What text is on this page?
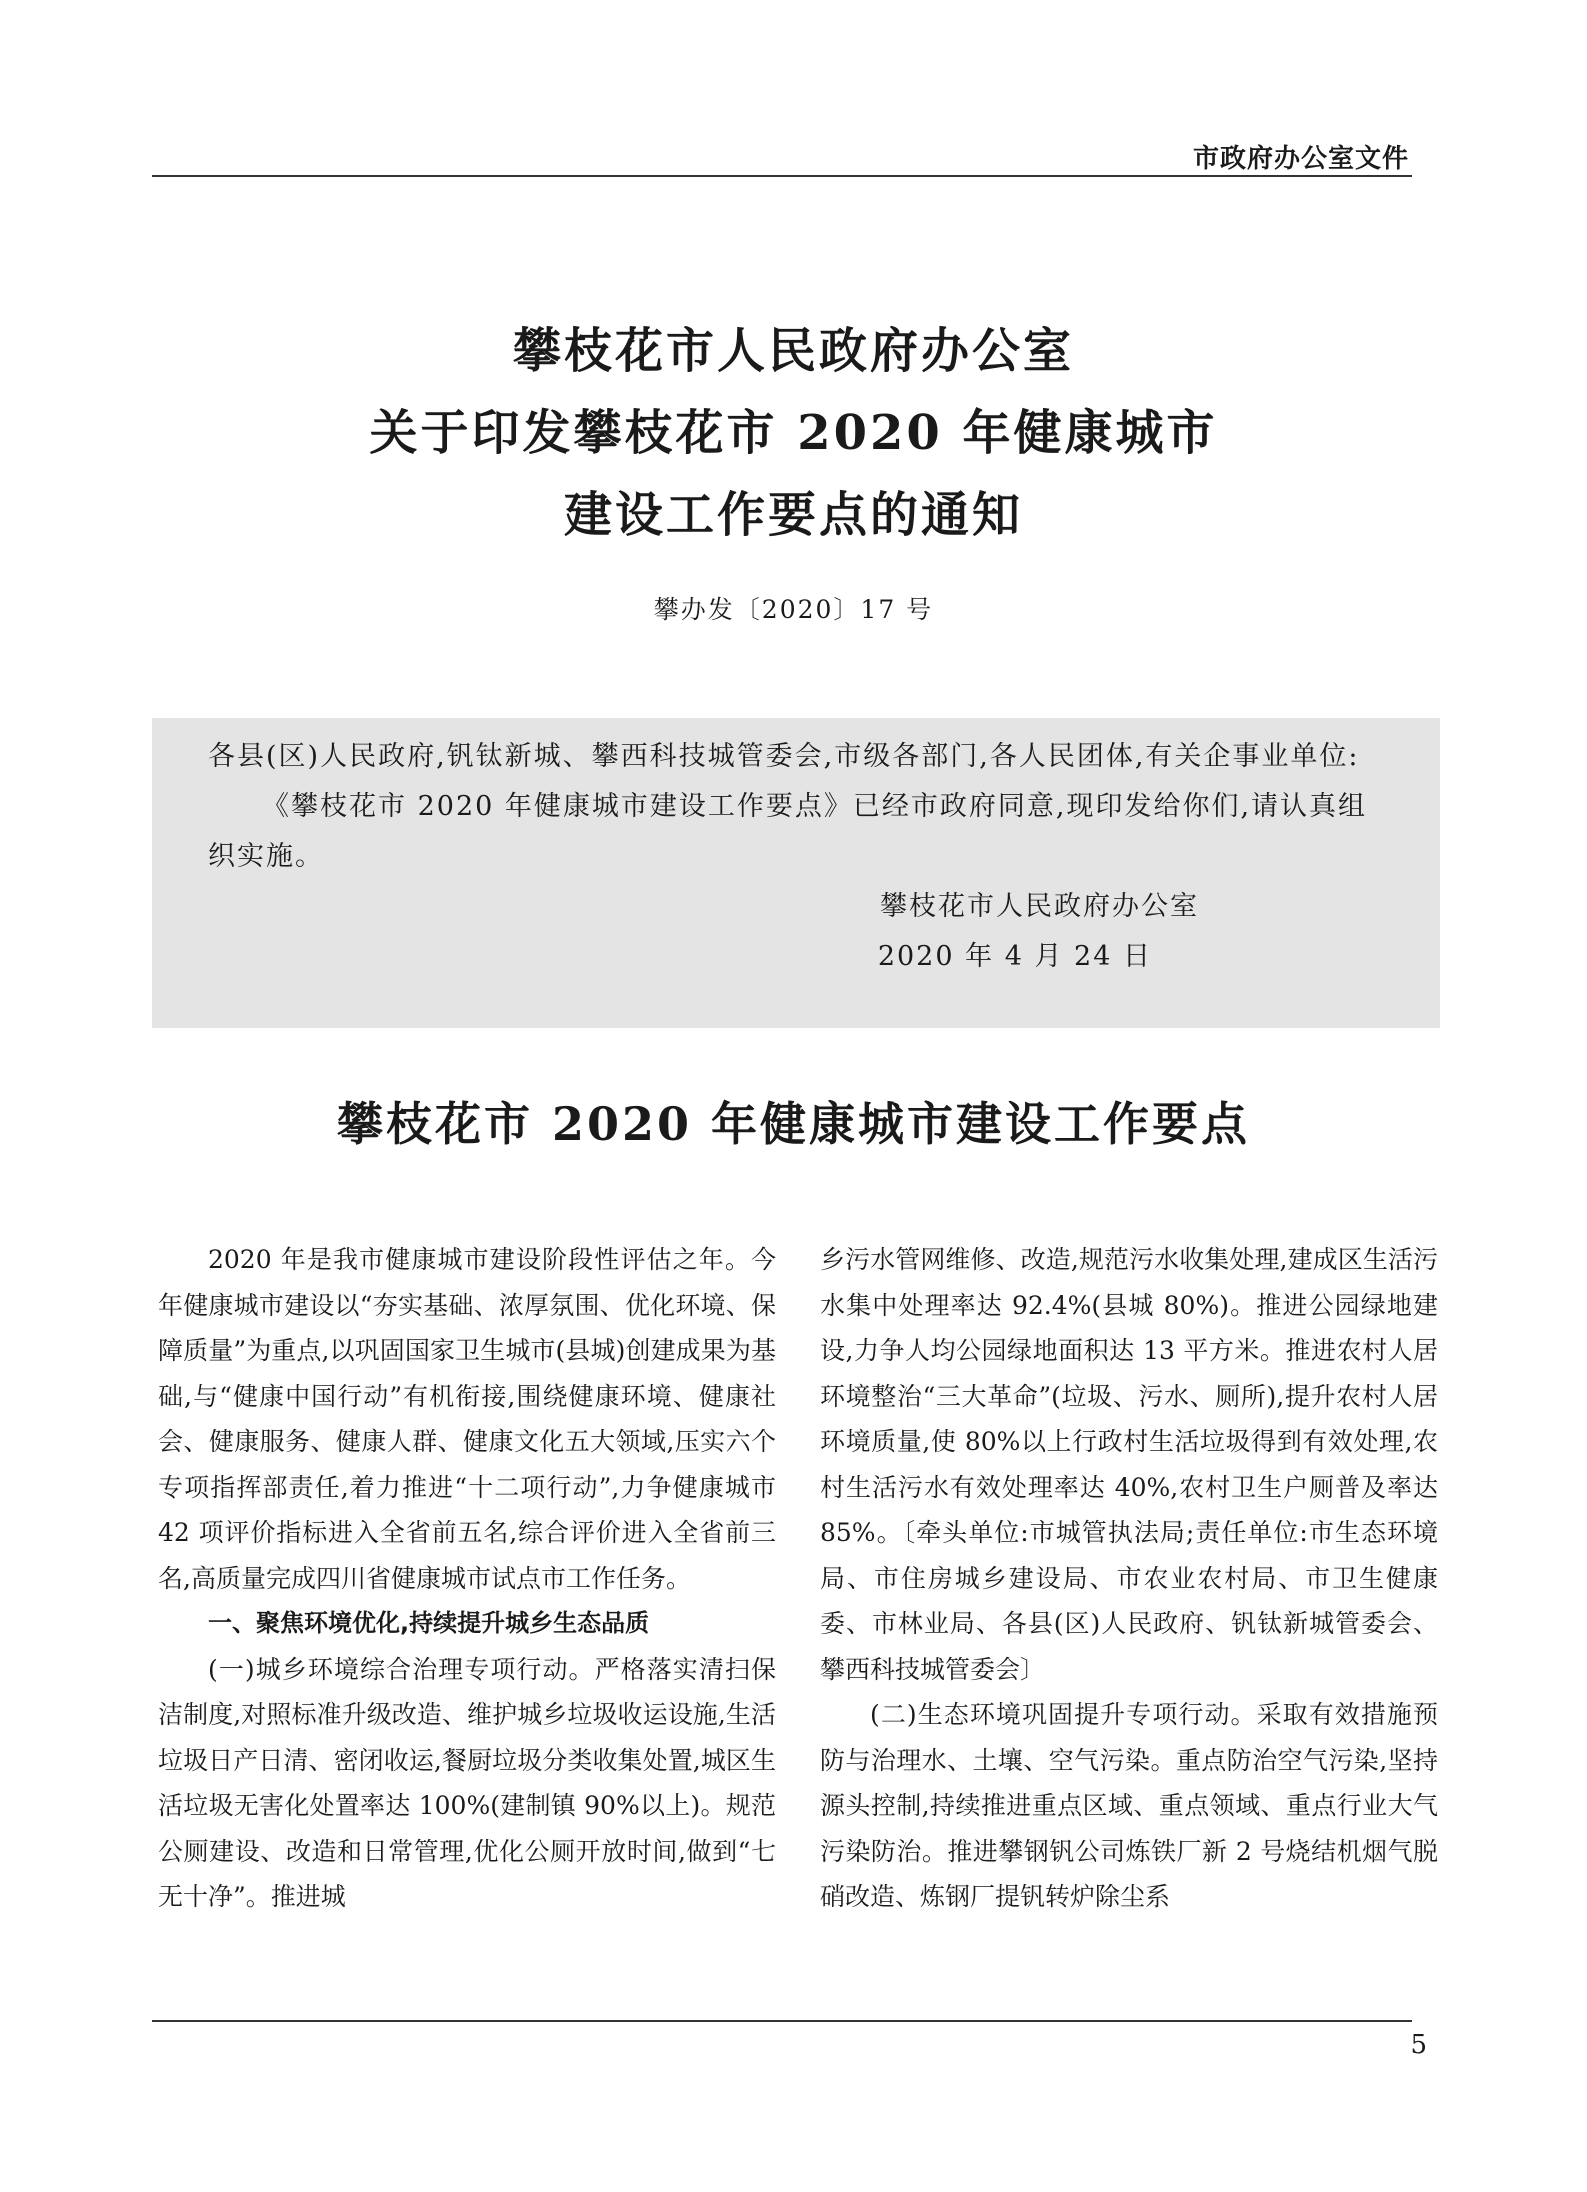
市政府办公室文件
攀枝花市人民政府办公室
关于印发攀枝花市 2020 年健康城市
建设工作要点的通知
攀办发〔2020〕17 号

各县(区)人民政府,钒钛新城、攀西科技城管委会,市级各部门,各人民团体,有关企事业单位:

《攀枝花市 2020 年健康城市建设工作要点》已经市政府同意,现印发给你们,请认真组织实施。

攀枝花市人民政府办公室

2020 年 4 月 24 日

攀枝花市 2020 年健康城市建设工作要点

2020 年是我市健康城市建设阶段性评估之年。今年健康城市建设以“夯实基础、浓厚氛围、优化环境、保障质量”为重点,以巩固国家卫生城市(县城)创建成果为基础,与“健康中国行动”有机衔接,围绕健康环境、健康社会、健康服务、健康人群、健康文化五大领域,压实六个专项指挥部责任,着力推进“十二项行动”,力争健康城市 42 项评价指标进入全省前五名,综合评价进入全省前三名,高质量完成四川省健康城市试点市工作任务。

一、聚焦环境优化,持续提升城乡生态品质

(一)城乡环境综合治理专项行动。严格落实清扫保洁制度,对照标准升级改造、维护城乡垃圾收运设施,生活垃圾日产日清、密闭收运,餐厨垃圾分类收集处置,城区生活垃圾无害化处置率达 100%(建制镇 90%以上)。规范公厕建设、改造和日常管理,优化公厕开放时间,做到“七无十净”。推进城

乡污水管网维修、改造,规范污水收集处理,建成区生活污水集中处理率达 92.4%(县城 80%)。推进公园绿地建设,力争人均公园绿地面积达 13 平方米。推进农村人居环境整治“三大革命”(垃圾、污水、厕所),提升农村人居环境质量,使 80%以上行政村生活垃圾得到有效处理,农村生活污水有效处理率达 40%,农村卫生户厕普及率达 85%。〔牵头单位:市城管执法局;责任单位:市生态环境局、市住房城乡建设局、市农业农村局、市卫生健康委、市林业局、各县(区)人民政府、钒钛新城管委会、攀西科技城管委会〕

(二)生态环境巩固提升专项行动。采取有效措施预防与治理水、土壤、空气污染。重点防治空气污染,坚持源头控制,持续推进重点区域、重点领域、重点行业大气污染防治。推进攀钢钒公司炼铁厂新 2 号烧结机烟气脱硝改造、炼钢厂提钒转炉除尘系

5
